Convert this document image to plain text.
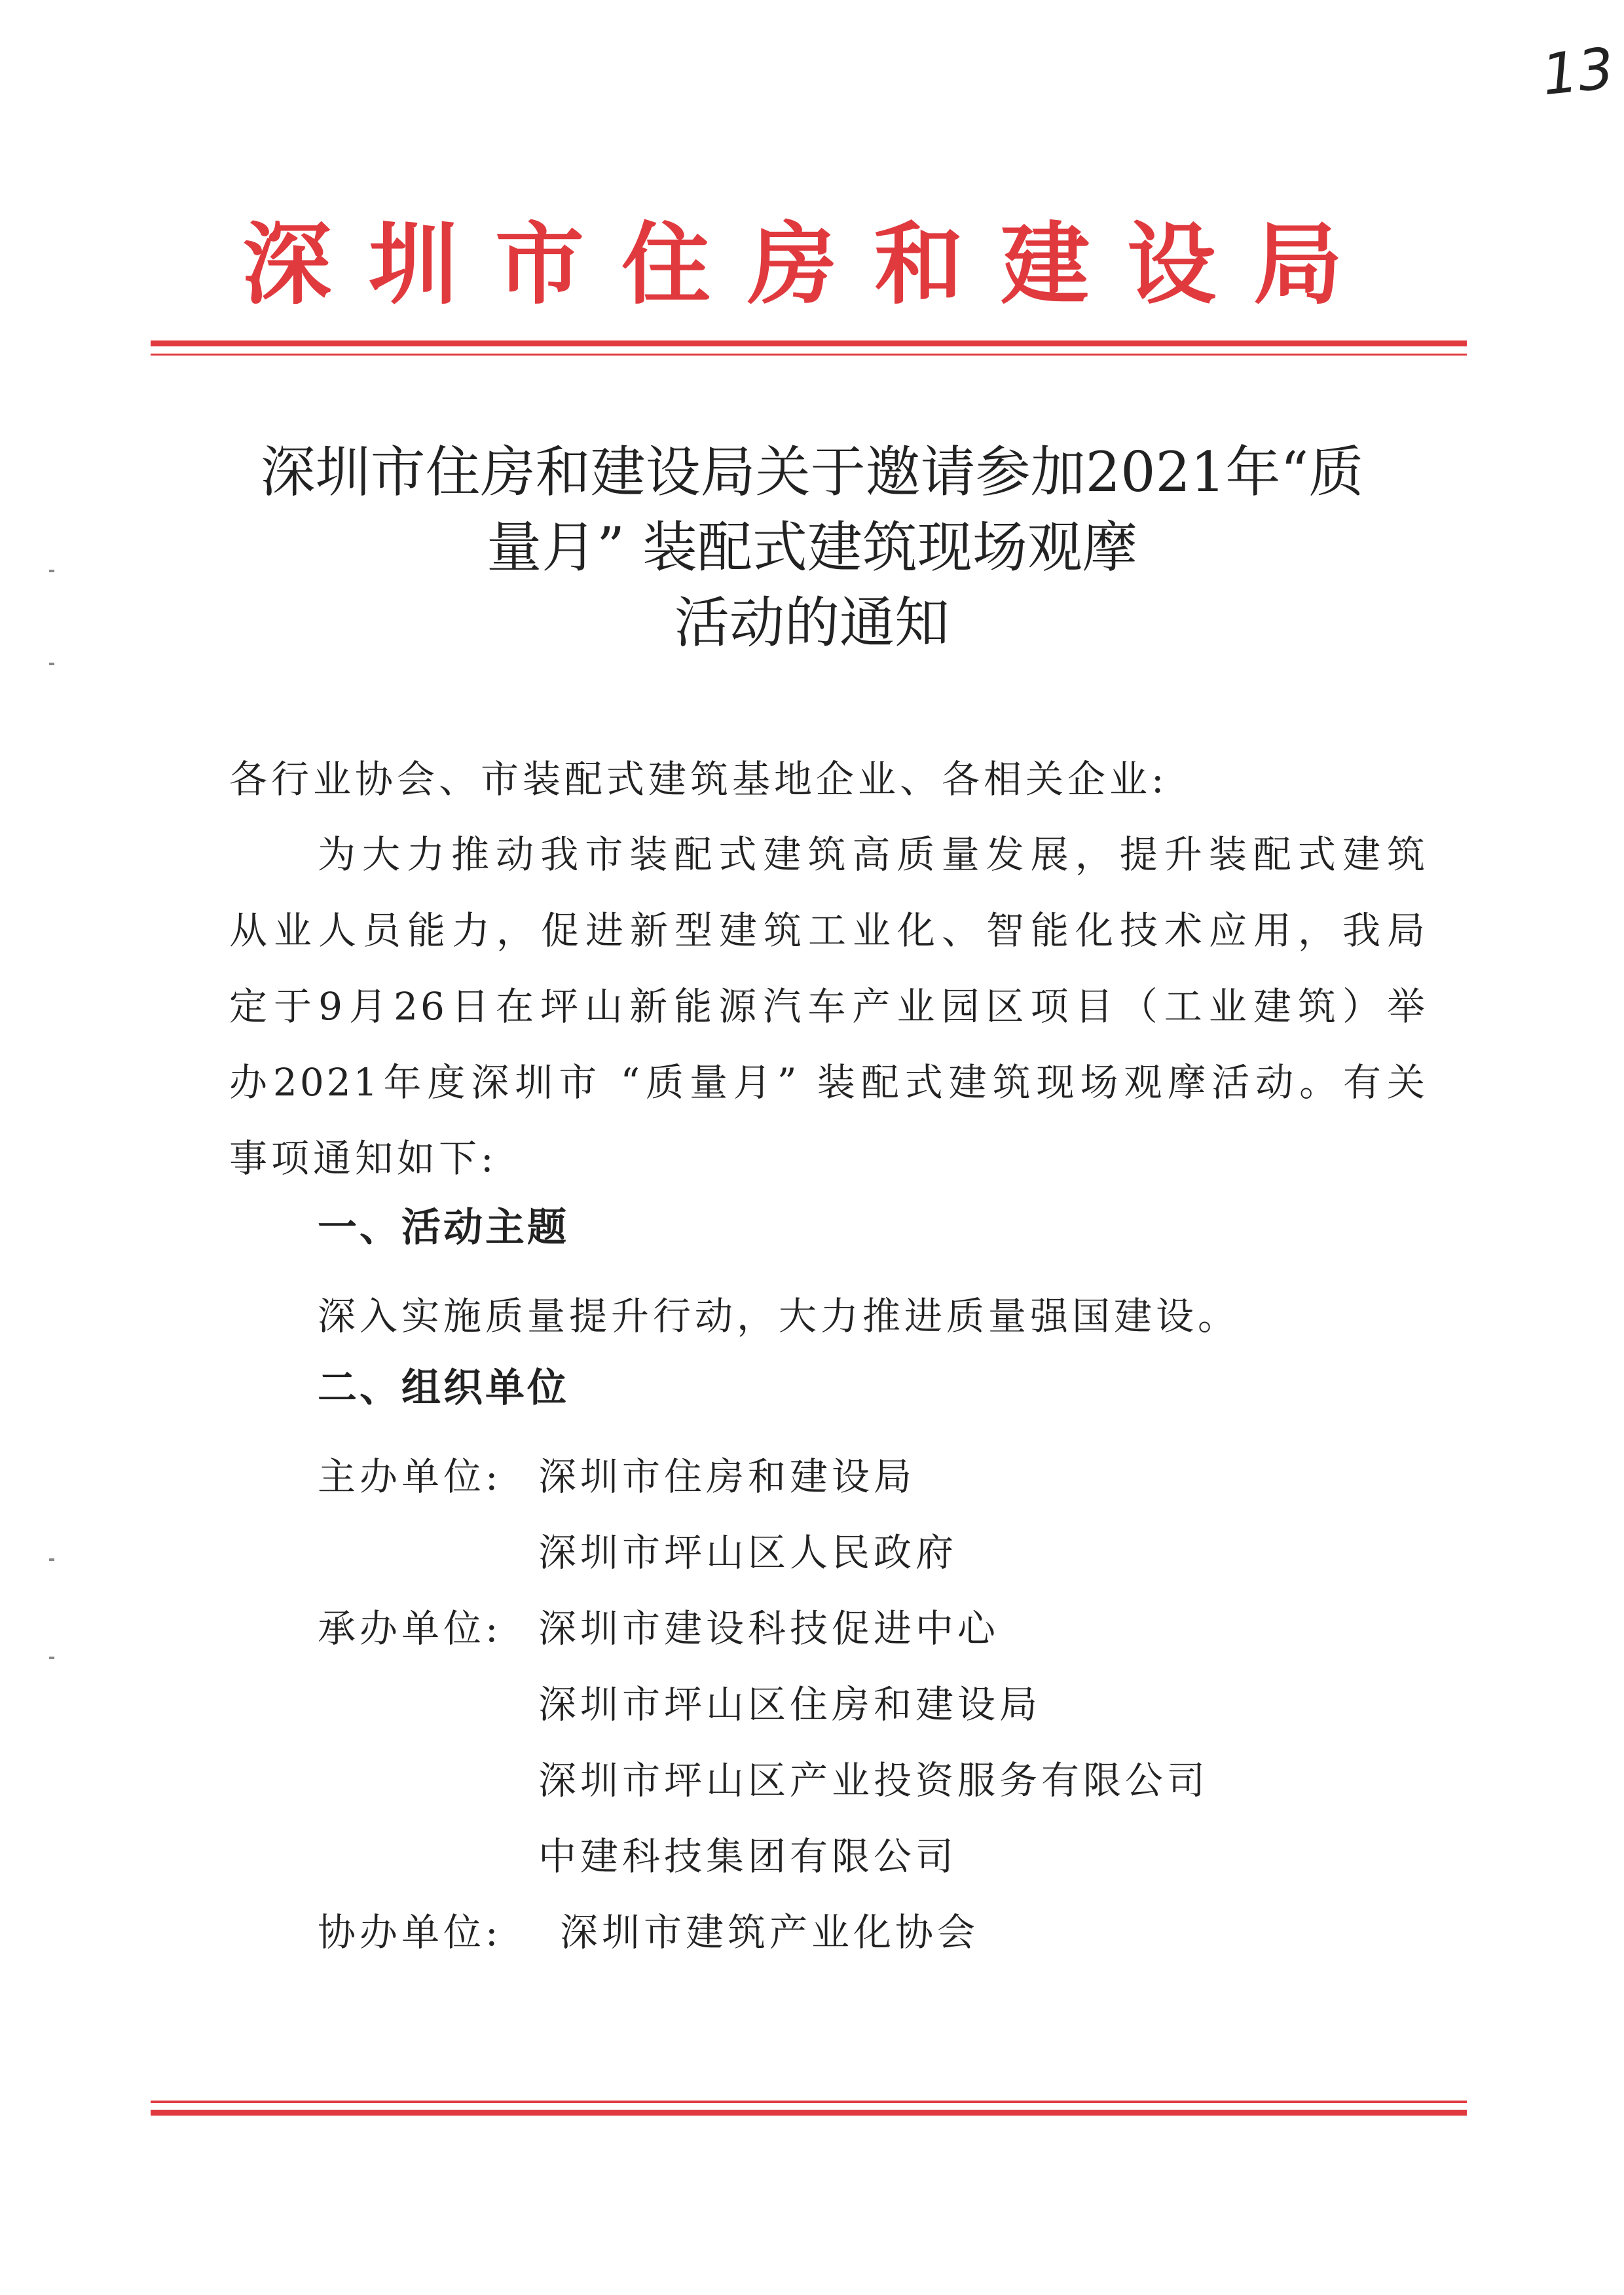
13
深圳市住房和建设局
深圳市住房和建设局关于邀请参加2021年“质
量月” 装配式建筑现场观摩
活动的通知
各行业协会、市装配式建筑基地企业、各相关企业:
为大力推动我市装配式建筑高质量发展，提升装配式建筑
从业人员能力，促进新型建筑工业化、智能化技术应用，我局
定于9月26日在坪山新能源汽车产业园区项目（工业建筑）举
办2021年度深圳市 “质量月” 装配式建筑现场观摩活动。有关
事项通知如下:
一、活动主题
深入实施质量提升行动，大力推进质量强国建设。
二、组织单位
主办单位: 深圳市住房和建设局
深圳市坪山区人民政府
承办单位: 深圳市建设科技促进中心
深圳市坪山区住房和建设局
深圳市坪山区产业投资服务有限公司
中建科技集团有限公司
协办单位: 深圳市建筑产业化协会
